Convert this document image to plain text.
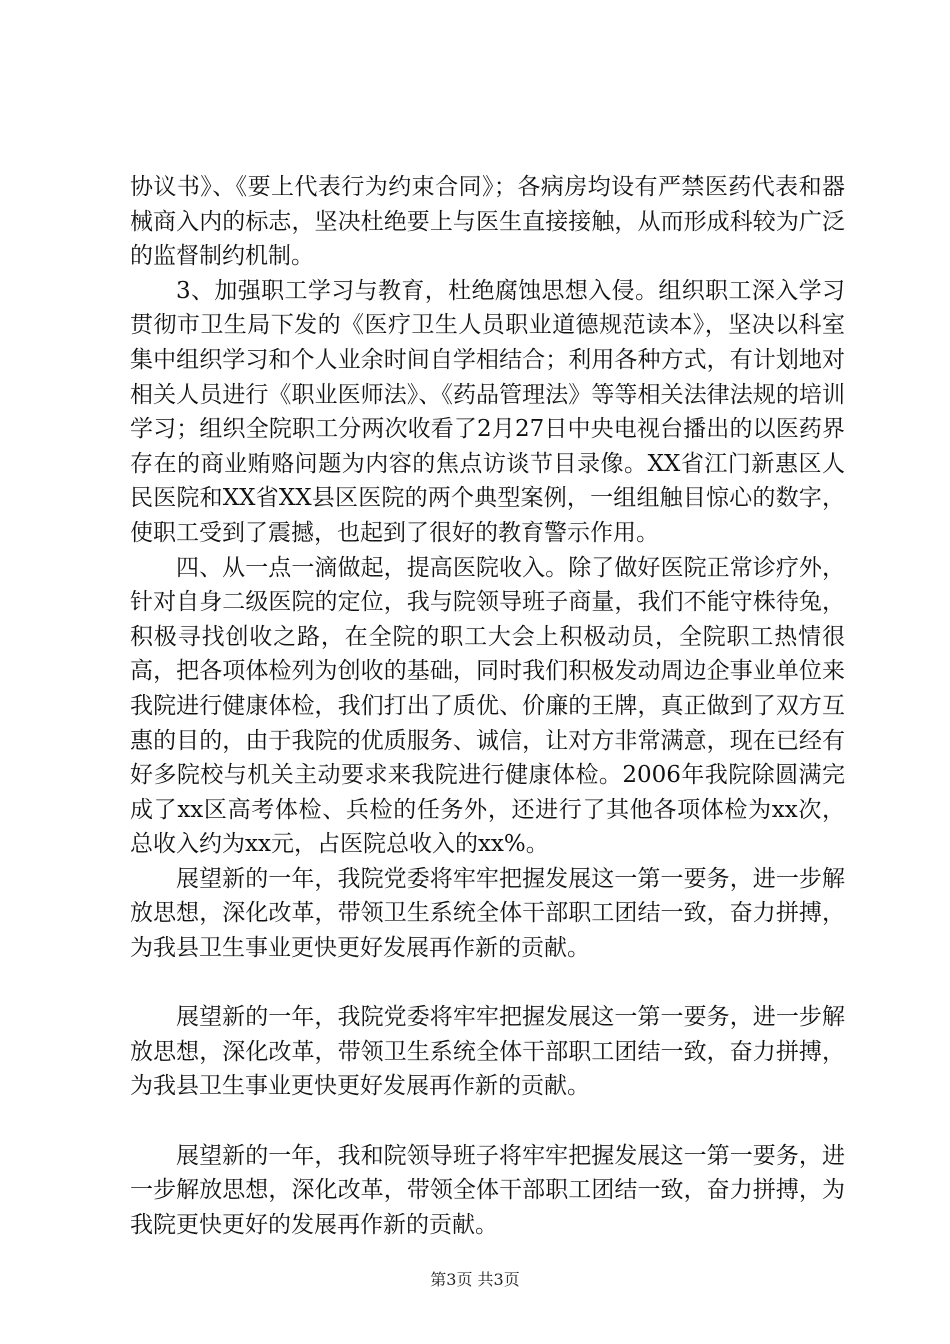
协议书》、《要上代表行为约束合同》；各病房均设有严禁医药代表和器械商入内的标志，坚决杜绝要上与医生直接接触，从而形成科较为广泛的监督制约机制。

3、加强职工学习与教育，杜绝腐蚀思想入侵。组织职工深入学习贯彻市卫生局下发的《医疗卫生人员职业道德规范读本》，坚决以科室集中组织学习和个人业余时间自学相结合；利用各种方式，有计划地对相关人员进行《职业医师法》、《药品管理法》等等相关法律法规的培训学习；组织全院职工分两次收看了2月27日中央电视台播出的以医药界存在的商业贿赂问题为内容的焦点访谈节目录像。XX省江门新惠区人民医院和XX省XX县区医院的两个典型案例，一组组触目惊心的数字，使职工受到了震撼，也起到了很好的教育警示作用。

四、从一点一滴做起，提高医院收入。除了做好医院正常诊疗外，针对自身二级医院的定位，我与院领导班子商量，我们不能守株待兔，积极寻找创收之路，在全院的职工大会上积极动员，全院职工热情很高，把各项体检列为创收的基础，同时我们积极发动周边企事业单位来我院进行健康体检，我们打出了质优、价廉的王牌，真正做到了双方互惠的目的，由于我院的优质服务、诚信，让对方非常满意，现在已经有好多院校与机关主动要求来我院进行健康体检。2006年我院除圆满完成了xx区高考体检、兵检的任务外，还进行了其他各项体检为xx次，总收入约为xx元，占医院总收入的xx%。

展望新的一年，我院党委将牢牢把握发展这一第一要务，进一步解放思想，深化改革，带领卫生系统全体干部职工团结一致，奋力拼搏，为我县卫生事业更快更好发展再作新的贡献。

展望新的一年，我院党委将牢牢把握发展这一第一要务，进一步解放思想，深化改革，带领卫生系统全体干部职工团结一致，奋力拼搏，为我县卫生事业更快更好发展再作新的贡献。

展望新的一年，我和院领导班子将牢牢把握发展这一第一要务，进一步解放思想，深化改革，带领全体干部职工团结一致，奋力拼搏，为我院更快更好的发展再作新的贡献。

第3页 共3页
